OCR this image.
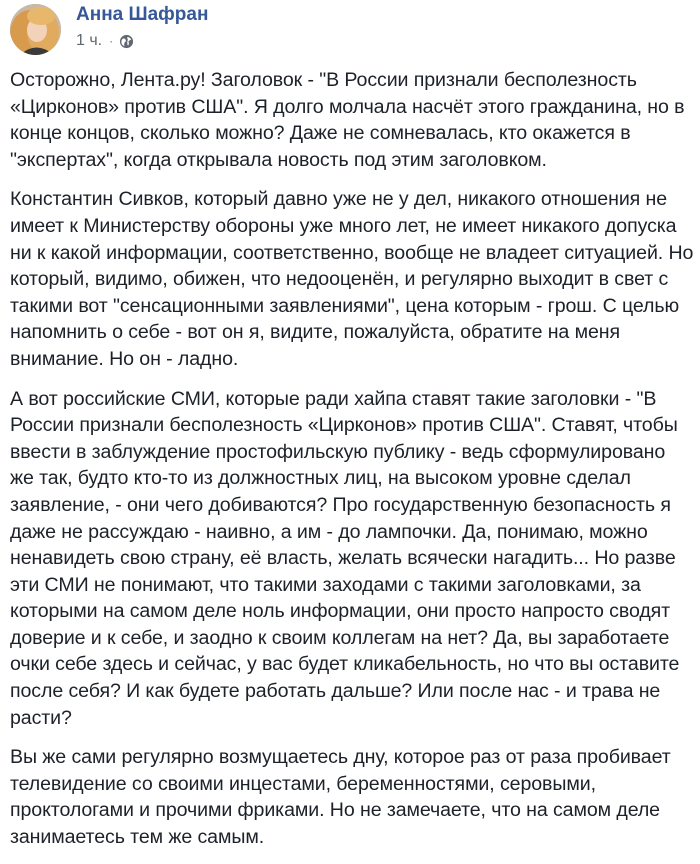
Анна Шафран
1 ч. ·

Осторожно, Лента.ру! Заголовок - "В России признали бесполезность «Цирконов» против США". Я долго молчала насчёт этого гражданина, но в конце концов, сколько можно? Даже не сомневалась, кто окажется в "экспертах", когда открывала новость под этим заголовком.

Константин Сивков, который давно уже не у дел, никакого отношения не имеет к Министерству обороны уже много лет, не имеет никакого допуска ни к какой информации, соответственно, вообще не владеет ситуацией. Но который, видимо, обижен, что недооценён, и регулярно выходит в свет с такими вот "сенсационными заявлениями", цена которым - грош. С целью напомнить о себе - вот он я, видите, пожалуйста, обратите на меня внимание. Но он - ладно.

А вот российские СМИ, которые ради хайпа ставят такие заголовки - "В России признали бесполезность «Цирконов» против США". Ставят, чтобы ввести в заблуждение простофильскую публику - ведь сформулировано же так, будто кто-то из должностных лиц, на высоком уровне сделал заявление, - они чего добиваются? Про государственную безопасность я даже не рассуждаю - наивно, а им - до лампочки. Да, понимаю, можно ненавидеть свою страну, её власть, желать всячески нагадить... Но разве эти СМИ не понимают, что такими заходами с такими заголовками, за которыми на самом деле ноль информации, они просто напросто сводят доверие и к себе, и заодно к своим коллегам на нет? Да, вы заработаете очки себе здесь и сейчас, у вас будет кликабельность, но что вы оставите после себя? И как будете работать дальше? Или после нас - и трава не расти?

Вы же сами регулярно возмущаетесь дну, которое раз от раза пробивает телевидение со своими инцестами, беременностями, серовыми, проктологами и прочими фриками. Но не замечаете, что на самом деле занимаетесь тем же самым.
